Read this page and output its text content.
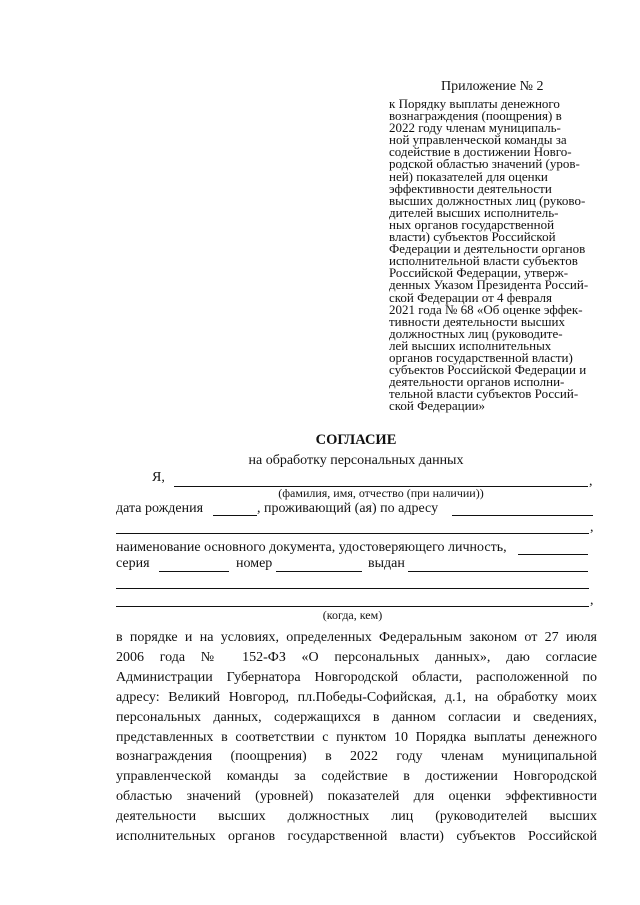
Приложение № 2
к Порядку выплаты денежного
вознаграждения (поощрения) в
2022 году членам муниципаль-
ной управленческой команды за
содействие в достижении Новго-
родской областью значений (уров-
ней) показателей для оценки
эффективности деятельности
высших должностных лиц (руково-
дителей высших исполнитель-
ных органов государственной
власти) субъектов Российской
Федерации и деятельности органов
исполнительной власти субъектов
Российской Федерации, утверж-
денных Указом Президента Россий-
ской Федерации от 4 февраля
2021 года № 68 «Об оценке эффек-
тивности деятельности высших
должностных лиц (руководите-
лей высших исполнительных
органов государственной власти)
субъектов Российской Федерации и
деятельности органов исполни-
тельной власти субъектов Россий-
ской Федерации»
СОГЛАСИЕ
на обработку персональных данных
Я,	,
(фамилия, имя, отчество (при наличии))
дата рождения	, проживающий (ая) по адресу
,
наименование основного документа, удостоверяющего личность,
серия	номер	выдан
,
(когда, кем)
в порядке и на условиях, определенных Федеральным законом от 27 июля
2006 года № 152-ФЗ «О персональных данных», даю согласие
Администрации Губернатора Новгородской области, расположенной по
адресу: Великий Новгород, пл.Победы-Софийская, д.1, на обработку моих
персональных данных, содержащихся в данном согласии и сведениях,
представленных в соответствии с пунктом 10 Порядка выплаты денежного
вознаграждения (поощрения) в 2022 году членам муниципальной
управленческой команды за содействие в достижении Новгородской
областью значений (уровней) показателей для оценки эффективности
деятельности высших должностных лиц (руководителей высших
исполнительных органов государственной власти) субъектов Российской
